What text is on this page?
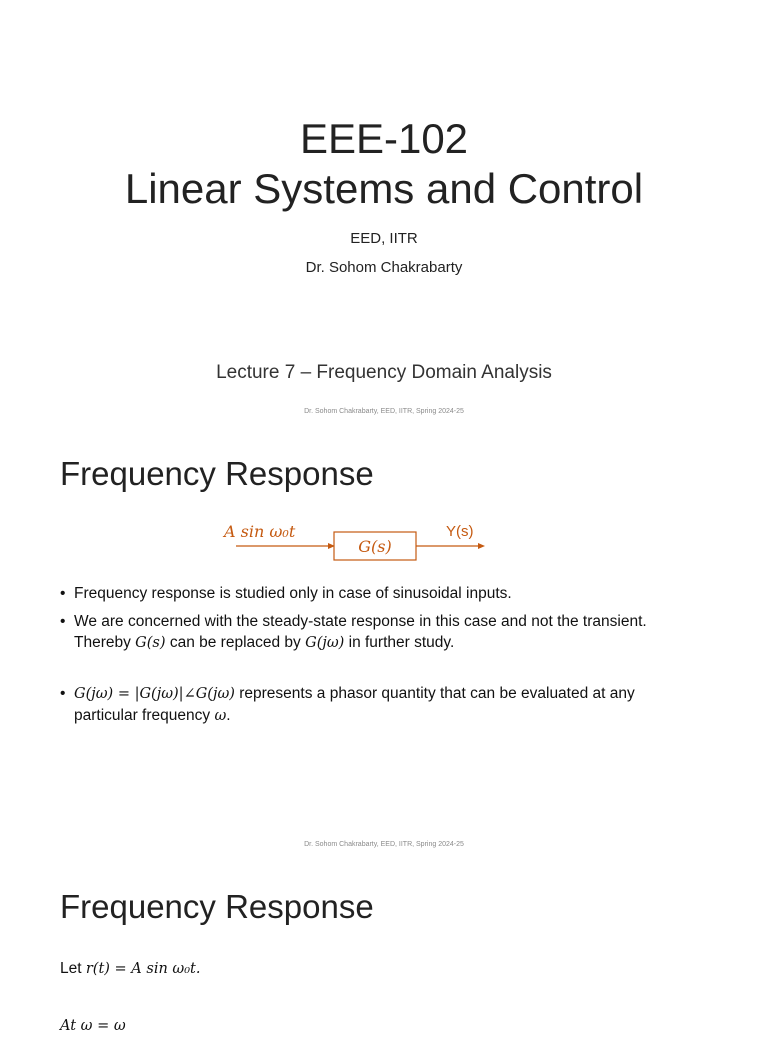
EEE-102
Linear Systems and Control
EED, IITR
Dr. Sohom Chakrabarty
Lecture 7 – Frequency Domain Analysis
Dr. Sohom Chakrabarty, EED, IITR, Spring 2024-25
Frequency Response
A sin ω₀t
G(s)
Y(s)
• Frequency response is studied only in case of sinusoidal inputs.
• We are concerned with the steady-state response in this case and not the transient.
Thereby G(s) can be replaced by G(jω) in further study.
• G(jω) = |G(jω)|∠G(jω) represents a phasor quantity that can be evaluated at any
particular frequency ω.
Dr. Sohom Chakrabarty, EED, IITR, Spring 2024-25
Frequency Response
Let r(t) = A sin ω₀t.
At ω = ω
